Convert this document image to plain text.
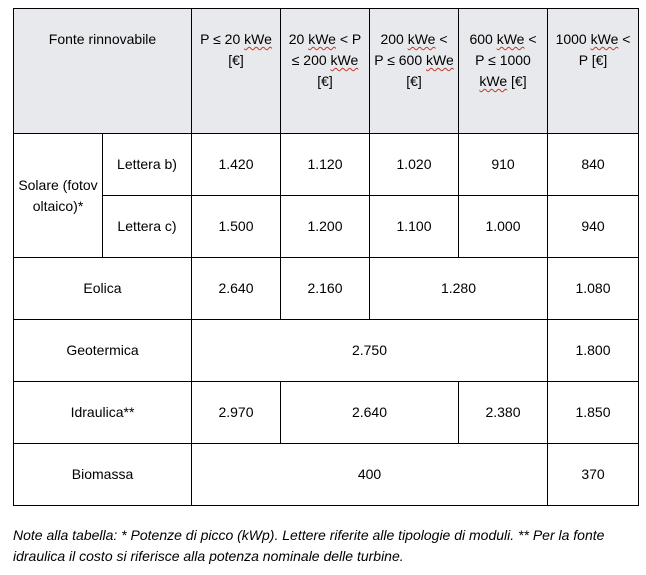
Fonte rinnovabile		P ≤ 20 kWe [€]	20 kWe < P ≤ 200 kWe [€]	200 kWe < P ≤ 600 kWe [€]	600 kWe < P ≤ 1000 kWe [€]	1000 kWe < P [€]
Solare (fotovoltaico)*	Lettera b)	1.420	1.120	1.020	910	840
	Lettera c)	1.500	1.200	1.100	1.000	940
Eolica		2.640	2.160	1.280		1.080
Geotermica		2.750				1.800
Idraulica**		2.970	2.640		2.380	1.850
Biomassa		400				370
Note alla tabella: * Potenze di picco (kWp). Lettere riferite alle tipologie di moduli. ** Per la fonte idraulica il costo si riferisce alla potenza nominale delle turbine.
